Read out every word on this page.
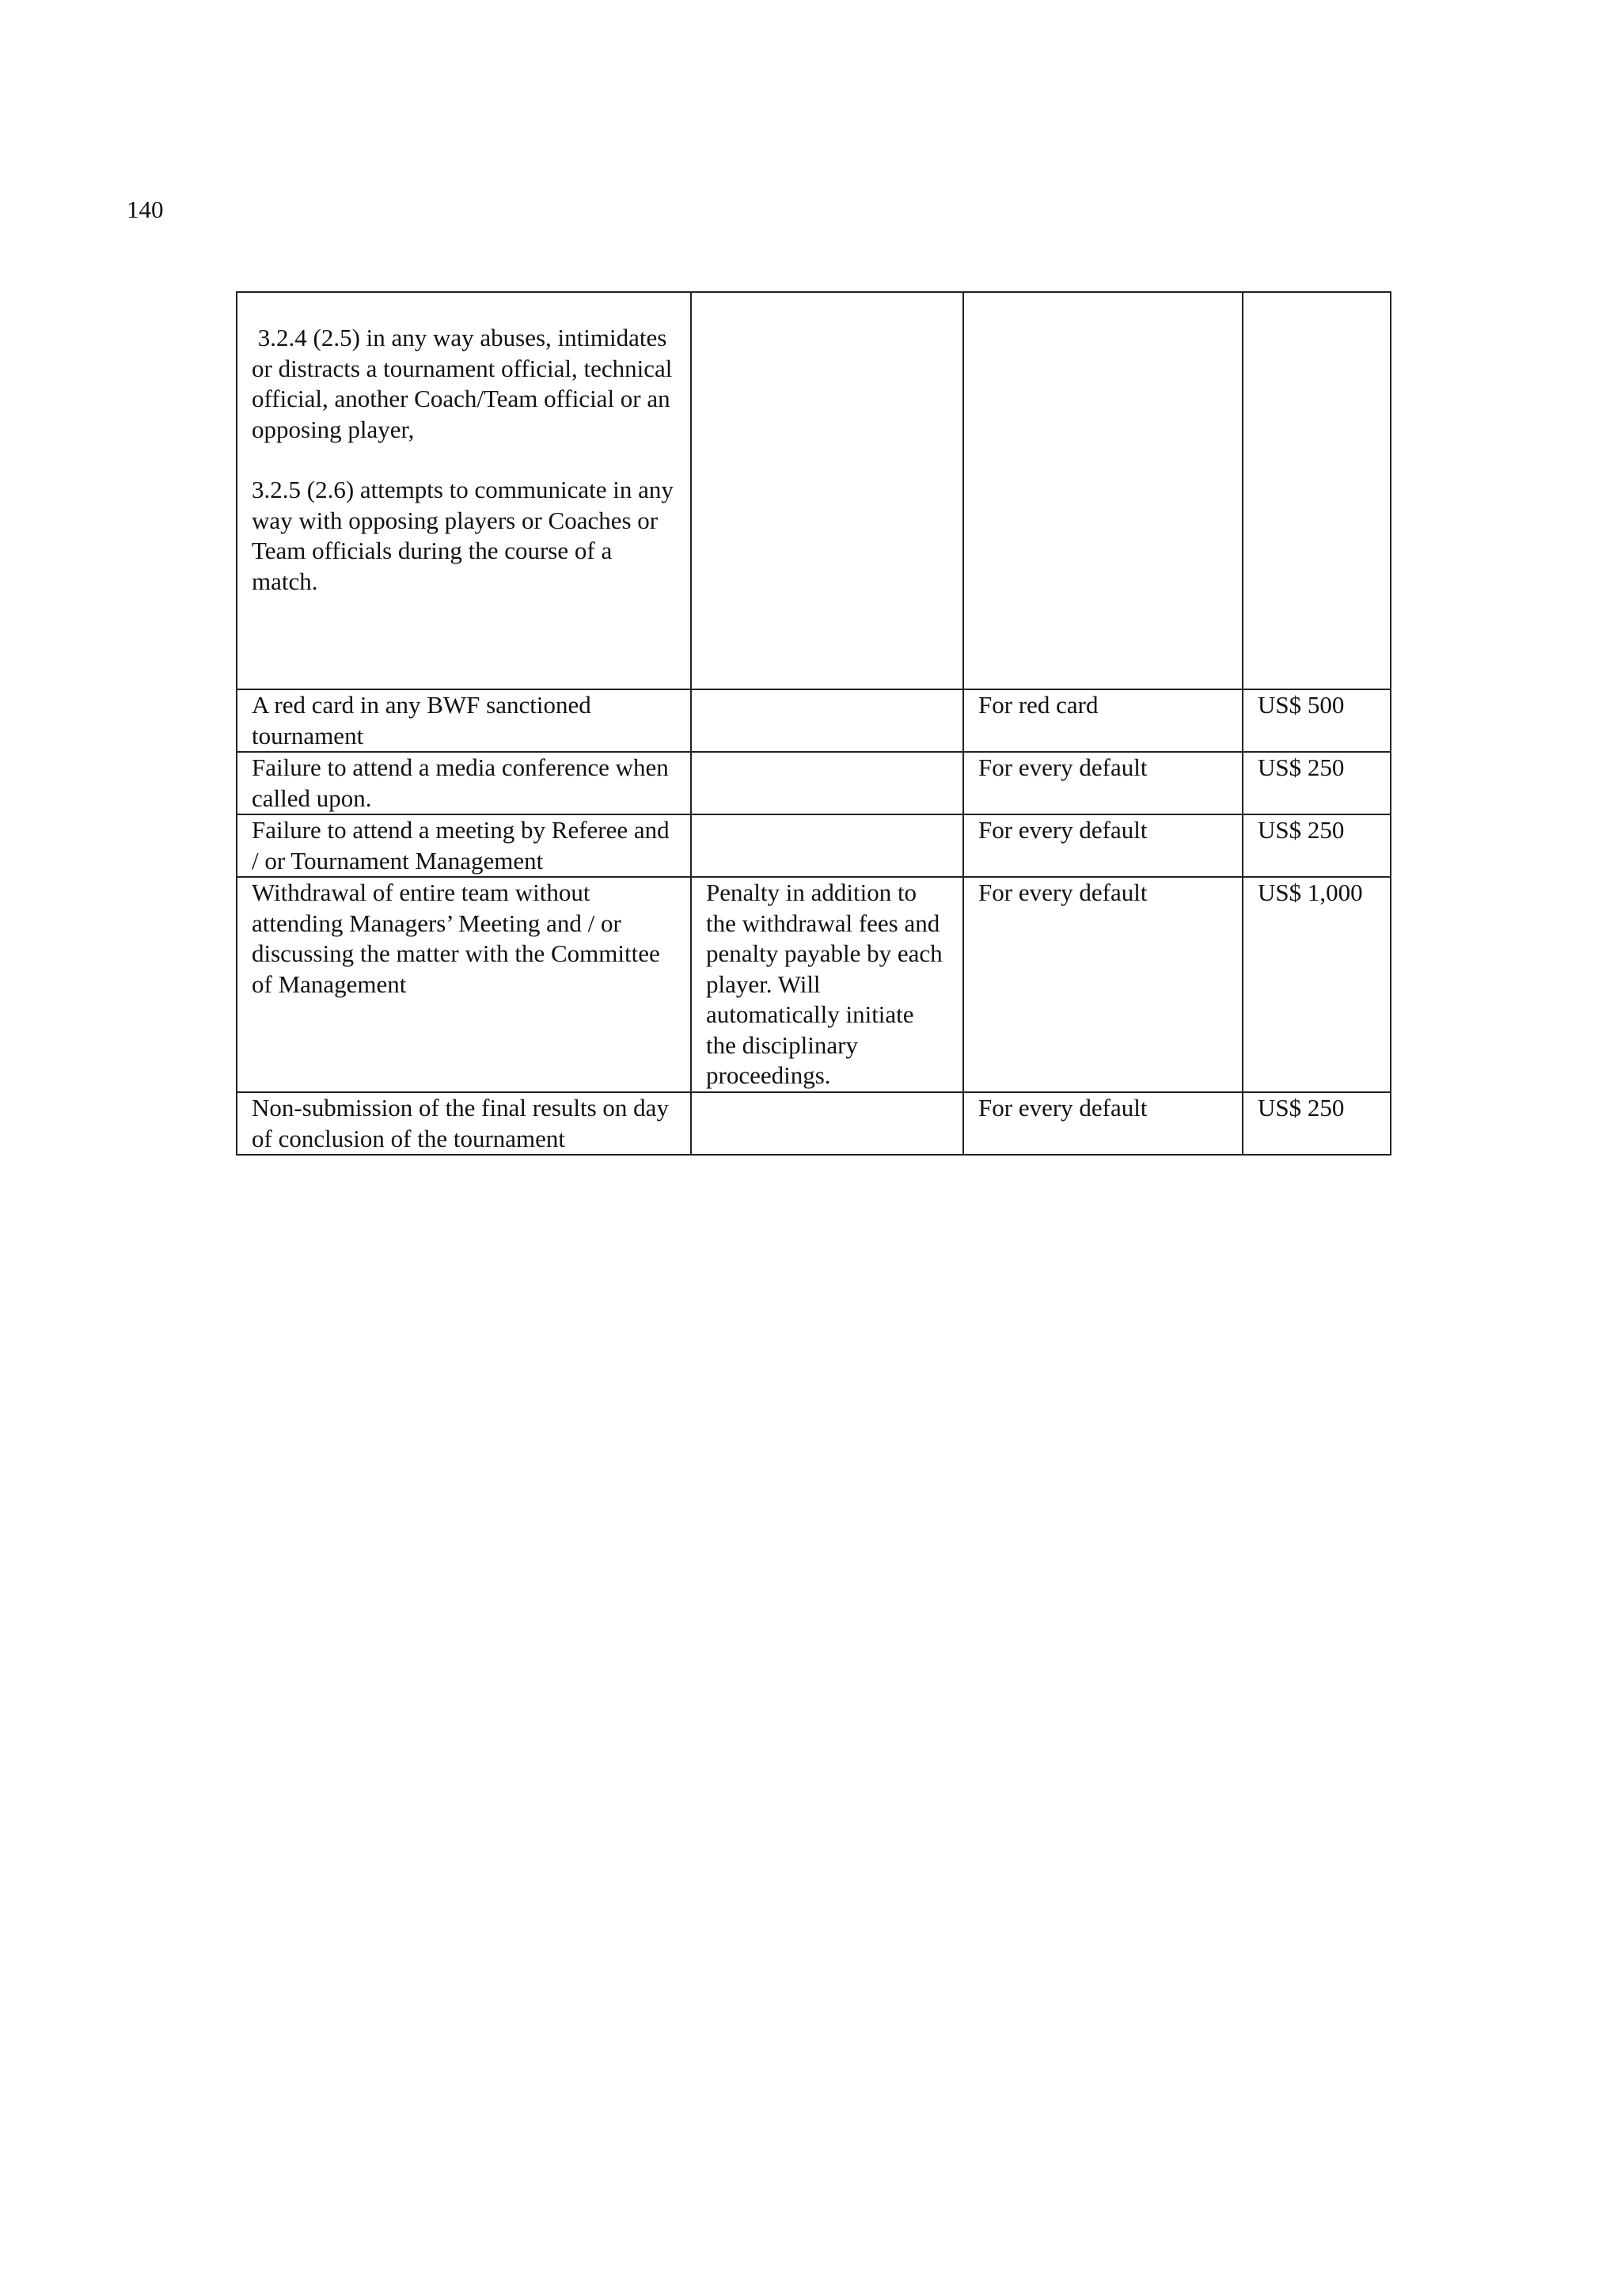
140
3.2.4 (2.5) in any way abuses, intimidates or distracts a tournament official, technical official, another Coach/Team official or an opposing player,
3.2.5 (2.6) attempts to communicate in any way with opposing players or Coaches or Team officials during the course of a match.			

A red card in any BWF sanctioned tournament		For red card	US$ 500
Failure to attend a media conference when called upon.		For every default	US$ 250
Failure to attend a meeting by Referee and / or Tournament Management		For every default	US$ 250
Withdrawal of entire team without attending Managers’ Meeting and / or discussing the matter with the Committee of Management	Penalty in addition to the withdrawal fees and penalty payable by each player. Will automatically initiate the disciplinary proceedings.	For every default	US$ 1,000
Non-submission of the final results on day of conclusion of the tournament		For every default	US$ 250
